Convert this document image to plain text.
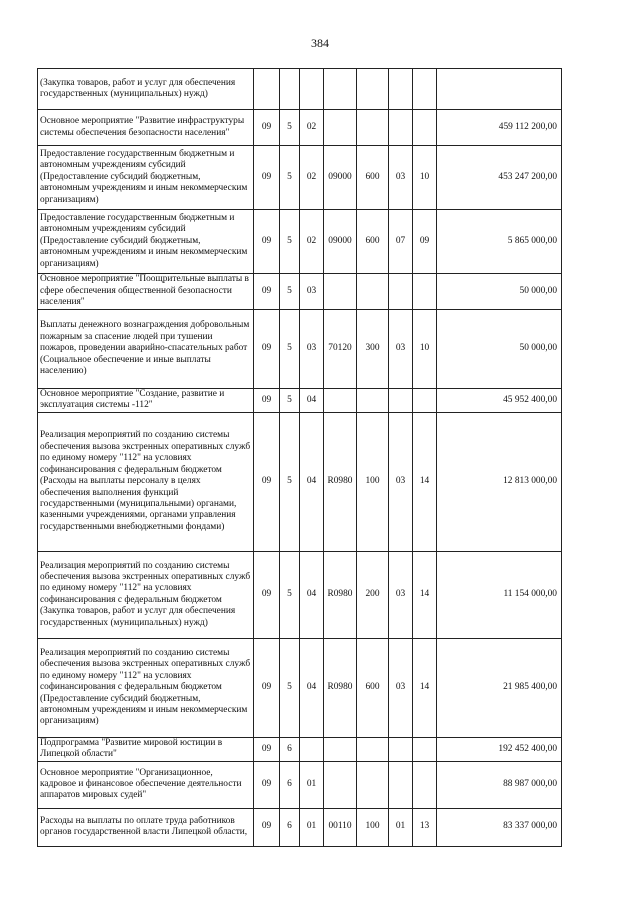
384
(Закупка товаров, работ и услуг для обеспечения государственных (муниципальных) нужд)								
Основное мероприятие "Развитие инфраструктуры системы обеспечения безопасности населения"	09	5	02					459 112 200,00
Предоставление государственным бюджетным и автономным учреждениям субсидий (Предоставление субсидий бюджетным, автономным учреждениям и иным некоммерческим организациям)	09	5	02	09000	600	03	10	453 247 200,00
Предоставление государственным бюджетным и автономным учреждениям субсидий (Предоставление субсидий бюджетным, автономным учреждениям и иным некоммерческим организациям)	09	5	02	09000	600	07	09	5 865 000,00
Основное мероприятие "Поощрительные выплаты в сфере обеспечения общественной безопасности населения"	09	5	03					50 000,00
Выплаты денежного вознаграждения добровольным пожарным за спасение людей при тушении пожаров, проведении аварийно-спасательных работ (Социальное обеспечение и иные выплаты населению)	09	5	03	70120	300	03	10	50 000,00
Основное мероприятие "Создание, развитие и эксплуатация системы -112"	09	5	04					45 952 400,00
Реализация мероприятий по созданию системы обеспечения вызова экстренных оперативных служб по единому номеру "112" на условиях софинансирования с федеральным бюджетом (Расходы на выплаты персоналу в целях обеспечения выполнения функций государственными (муниципальными) органами, казенными учреждениями, органами управления государственными внебюджетными фондами)	09	5	04	R0980	100	03	14	12 813 000,00
Реализация мероприятий по созданию системы обеспечения вызова экстренных оперативных служб по единому номеру "112" на условиях софинансирования с федеральным бюджетом (Закупка товаров, работ и услуг для обеспечения государственных (муниципальных) нужд)	09	5	04	R0980	200	03	14	11 154 000,00
Реализация мероприятий по созданию системы обеспечения вызова экстренных оперативных служб по единому номеру "112" на условиях софинансирования с федеральным бюджетом (Предоставление субсидий бюджетным, автономным учреждениям и иным некоммерческим организациям)	09	5	04	R0980	600	03	14	21 985 400,00
Подпрограмма "Развитие мировой юстиции в Липецкой области"	09	6						192 452 400,00
Основное мероприятие "Организационное, кадровое и финансовое обеспечение деятельности аппаратов мировых судей"	09	6	01					88 987 000,00
Расходы на выплаты по оплате труда работников органов государственной власти Липецкой области,	09	6	01	00110	100	01	13	83 337 000,00
